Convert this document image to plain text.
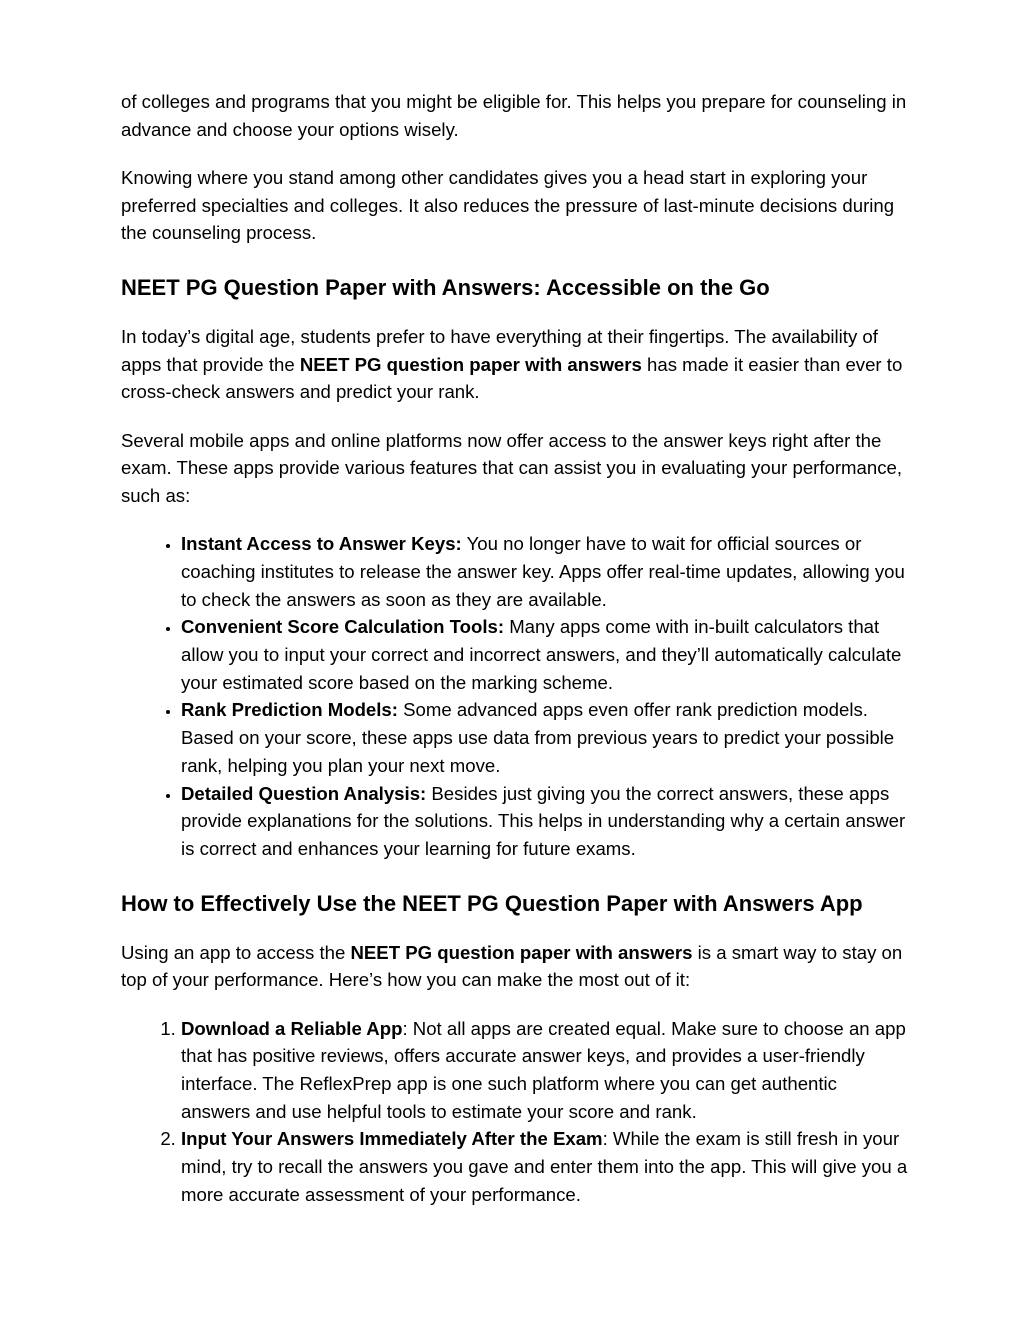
of colleges and programs that you might be eligible for. This helps you prepare for counseling in advance and choose your options wisely.

Knowing where you stand among other candidates gives you a head start in exploring your preferred specialties and colleges. It also reduces the pressure of last-minute decisions during the counseling process.

NEET PG Question Paper with Answers: Accessible on the Go

In today’s digital age, students prefer to have everything at their fingertips. The availability of apps that provide the NEET PG question paper with answers has made it easier than ever to cross-check answers and predict your rank.

Several mobile apps and online platforms now offer access to the answer keys right after the exam. These apps provide various features that can assist you in evaluating your performance, such as:

• Instant Access to Answer Keys: You no longer have to wait for official sources or coaching institutes to release the answer key. Apps offer real-time updates, allowing you to check the answers as soon as they are available.
• Convenient Score Calculation Tools: Many apps come with in-built calculators that allow you to input your correct and incorrect answers, and they’ll automatically calculate your estimated score based on the marking scheme.
• Rank Prediction Models: Some advanced apps even offer rank prediction models. Based on your score, these apps use data from previous years to predict your possible rank, helping you plan your next move.
• Detailed Question Analysis: Besides just giving you the correct answers, these apps provide explanations for the solutions. This helps in understanding why a certain answer is correct and enhances your learning for future exams.
How to Effectively Use the NEET PG Question Paper with Answers App

Using an app to access the NEET PG question paper with answers is a smart way to stay on top of your performance. Here’s how you can make the most out of it:

1. Download a Reliable App: Not all apps are created equal. Make sure to choose an app that has positive reviews, offers accurate answer keys, and provides a user-friendly interface. The ReflexPrep app is one such platform where you can get authentic answers and use helpful tools to estimate your score and rank.
2. Input Your Answers Immediately After the Exam: While the exam is still fresh in your mind, try to recall the answers you gave and enter them into the app. This will give you a more accurate assessment of your performance.
